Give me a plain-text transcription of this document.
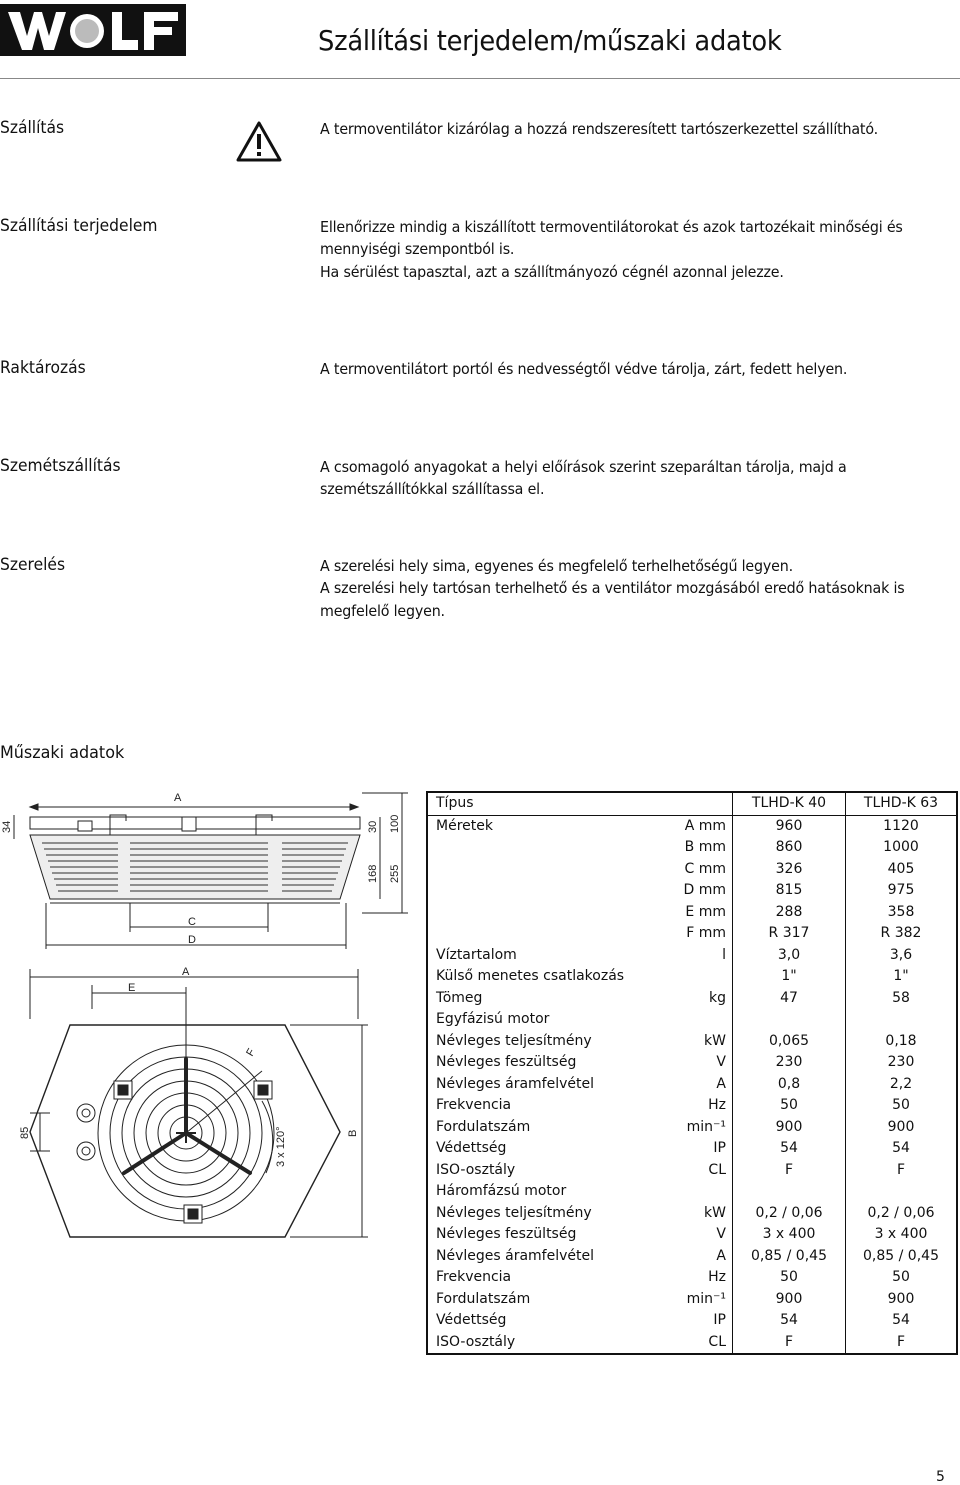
Szállítási terjedelem/műszaki adatok
Szállítás	A termoventilátor kizárólag a hozzá rendszeresített tartószerkezettel szállítható.
Szállítási terjedelem	Ellenőrizze mindig a kiszállított termoventilátorokat és azok tartozékait minőségi és
mennyiségi szempontból is.
Ha sérülést tapasztal, azt a szállítmányozó cégnél azonnal jelezze.
Raktározás	A termoventilátort portól és nedvességtől védve tárolja, zárt, fedett helyen.
Szemétszállítás	A csomagoló anyagokat a helyi előírások szerint szeparáltan tárolja, majd a
szemétszállítókkal szállítassa el.
Szerelés	A szerelési hely sima, egyenes és megfelelő terhelhetőségű legyen.
A szerelési hely tartósan terhelhető és a ventilátor mozgásából eredő hatásoknak is
megfelelő legyen.
Műszaki adatok
A
34	30 100
168 255
C
D
A
E
F
B
85	3 x 120°
Típus		TLHD-K 40	TLHD-K 63
Méretek	A mm	960	1120
	B mm	860	1000
	C mm	326	405
	D mm	815	975
	E mm	288	358
	F mm	R 317	R 382
Víztartalom	l	3,0	3,6
Külső menetes csatlakozás		1"	1"
Tömeg	kg	47	58
Egyfázisú motor			
Névleges teljesítmény	kW	0,065	0,18
Névleges feszültség	V	230	230
Névleges áramfelvétel	A	0,8	2,2
Frekvencia	Hz	50	50
Fordulatszám	min⁻¹	900	900
Védettség	IP	54	54
ISO-osztály	CL	F	F
Háromfázsú motor			
Névleges teljesítmény	kW	0,2 / 0,06	0,2 / 0,06
Névleges feszültség	V	3 x 400	3 x 400
Névleges áramfelvétel	A	0,85 / 0,45	0,85 / 0,45
Frekvencia	Hz	50	50
Fordulatszám	min⁻¹	900	900
Védettség	IP	54	54
ISO-osztály	CL	F	F
5
